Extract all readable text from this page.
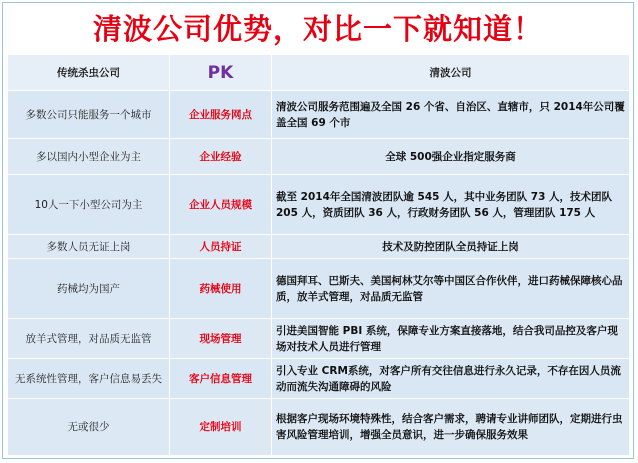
清波公司优势，对比一下就知道！
传统杀虫公司	PK	清波公司
多数公司只能服务一个城市	企业服务网点	清波公司服务范围遍及全国 26 个省、自治区、直辖市，只 2014年公司覆盖全国 69 个市
多以国内小型企业为主	企业经验	全球 500强企业指定服务商
10人一下小型公司为主	企业人员规模	截至 2014年全国清波团队逾 545 人，其中业务团队 73 人，技术团队 205 人，资质团队 36 人，行政财务团队 56 人，管理团队 175 人
多数人员无证上岗	人员持证	技术及防控团队全员持证上岗
药械均为国产	药械使用	德国拜耳、巴斯夫、美国柯林艾尔等中国区合作伙伴，进口药械保障核心品质，放羊式管理，对品质无监管
放羊式管理，对品质无监管	现场管理	引进美国智能 PBI 系统，保障专业方案直接落地，结合我司品控及客户现场对技术人员进行管理
无系统性管理，客户信息易丢失	客户信息管理	引入专业 CRM系统，对客户所有交往信息进行永久记录，不存在因人员流动而流失沟通障碍的风险
无或很少	定制培训	根据客户现场环境特殊性，结合客户需求，聘请专业讲师团队，定期进行虫害风险管理培训，增强全员意识，进一步确保服务效果
